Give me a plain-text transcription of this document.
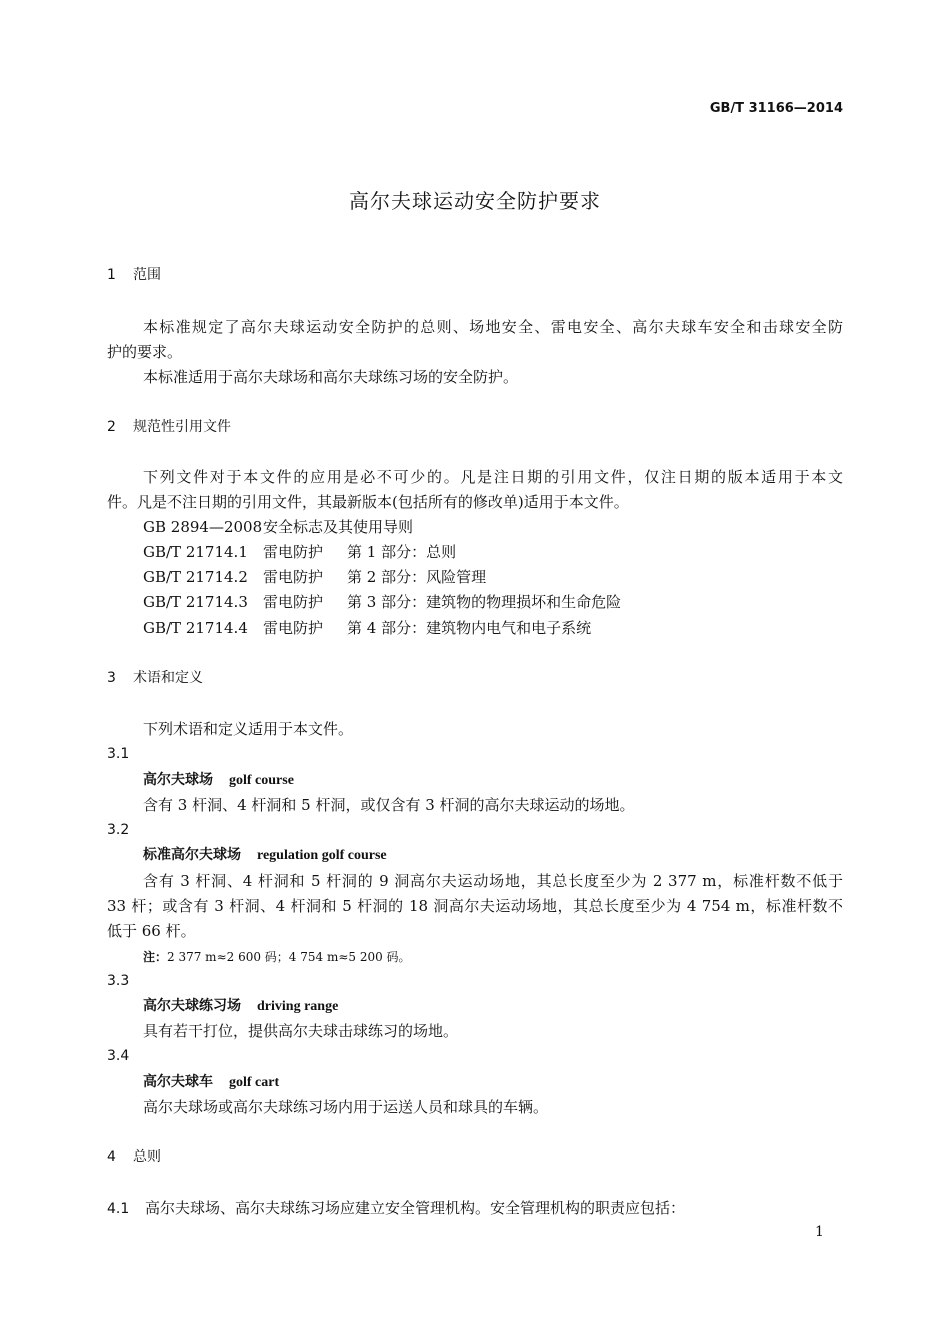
GB/T 31166—2014
高尔夫球运动安全防护要求
1 范围
本标准规定了高尔夫球运动安全防护的总则、场地安全、雷电安全、高尔夫球车安全和击球安全防
护的要求。
本标准适用于高尔夫球场和高尔夫球练习场的安全防护。
2 规范性引用文件
下列文件对于本文件的应用是必不可少的。凡是注日期的引用文件，仅注日期的版本适用于本文
件。凡是不注日期的引用文件，其最新版本(包括所有的修改单)适用于本文件。
GB 2894—2008安全标志及其使用导则
GB/T 21714.1 雷电防护 第 1 部分：总则
GB/T 21714.2 雷电防护 第 2 部分：风险管理
GB/T 21714.3 雷电防护 第 3 部分：建筑物的物理损坏和生命危险
GB/T 21714.4 雷电防护 第 4 部分：建筑物内电气和电子系统
3 术语和定义
下列术语和定义适用于本文件。
3.1
高尔夫球场 golf course
含有 3 杆洞、4 杆洞和 5 杆洞，或仅含有 3 杆洞的高尔夫球运动的场地。
3.2
标准高尔夫球场 regulation golf course
含有 3 杆洞、4 杆洞和 5 杆洞的 9 洞高尔夫运动场地，其总长度至少为 2 377 m，标准杆数不低于
33 杆；或含有 3 杆洞、4 杆洞和 5 杆洞的 18 洞高尔夫运动场地，其总长度至少为 4 754 m，标准杆数不
低于 66 杆。
注：2 377 m≈2 600 码；4 754 m≈5 200 码。
3.3
高尔夫球练习场 driving range
具有若干打位，提供高尔夫球击球练习的场地。
3.4
高尔夫球车 golf cart
高尔夫球场或高尔夫球练习场内用于运送人员和球具的车辆。
4 总则
4.1 高尔夫球场、高尔夫球练习场应建立安全管理机构。安全管理机构的职责应包括：
1
